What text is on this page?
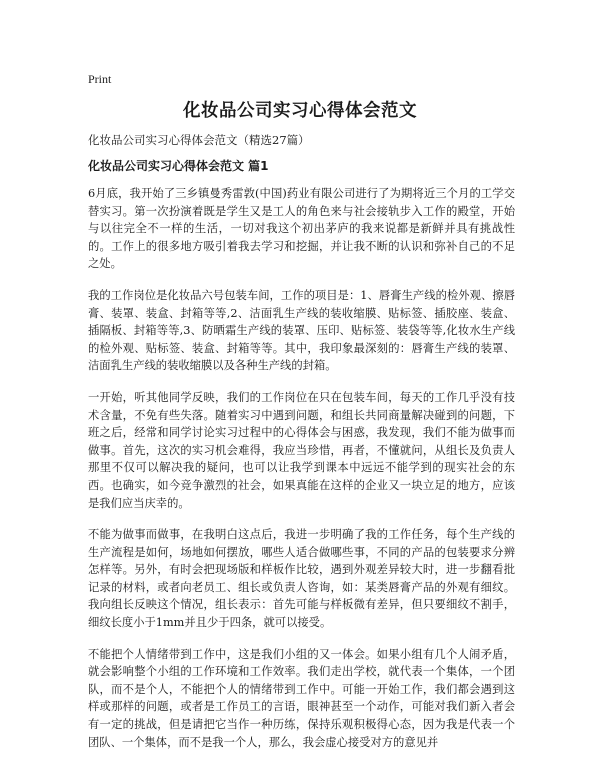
Print
化妆品公司实习心得体会范文
化妆品公司实习心得体会范文（精选27篇）
化妆品公司实习心得体会范文 篇1

6月底，我开始了三乡镇曼秀雷敦(中国)药业有限公司进行了为期将近三个月的工学交替实习。第一次扮演着既是学生又是工人的角色来与社会接轨步入工作的殿堂，开始与以往完全不一样的生活，一切对我这个初出茅庐的我来说都是新鲜并具有挑战性的。工作上的很多地方吸引着我去学习和挖掘，并让我不断的认识和弥补自己的不足之处。

我的工作岗位是化妆品六号包装车间，工作的项目是：1、唇膏生产线的检外观、擦唇膏、装罩、装盒、封箱等等,2、洁面乳生产线的装收缩膜、贴标签、插胶座、装盒、插隔板、封箱等等,3、防晒霜生产线的装罩、压印、贴标签、装袋等等,化妆水生产线的检外观、贴标签、装盒、封箱等等。其中，我印象最深刻的：唇膏生产线的装罩、洁面乳生产线的装收缩膜以及各种生产线的封箱。

一开始，听其他同学反映，我们的工作岗位在只在包装车间，每天的工作几乎没有技术含量，不免有些失落。随着实习中遇到问题，和组长共同商量解决碰到的问题，下班之后，经常和同学讨论实习过程中的心得体会与困惑，我发现，我们不能为做事而做事。首先，这次的实习机会难得，我应当珍惜，再者，不懂就问，从组长及负责人那里不仅可以解决我的疑问，也可以让我学到课本中远远不能学到的现实社会的东西。也确实，如今竞争激烈的社会，如果真能在这样的企业又一块立足的地方，应该是我们应当庆幸的。

不能为做事而做事，在我明白这点后，我进一步明确了我的工作任务，每个生产线的生产流程是如何，场地如何摆放，哪些人适合做哪些事，不同的产品的包装要求分辨怎样等。另外，有时会把现场版和样板作比较，遇到外观差异较大时，进一步翻看批记录的材料，或者向老员工、组长或负责人咨询，如：某类唇膏产品的外观有细纹。我向组长反映这个情况，组长表示：首先可能与样板微有差异，但只要细纹不割手，细纹长度小于1mm并且少于四条，就可以接受。

不能把个人情绪带到工作中，这是我们小组的又一体会。如果小组有几个人闹矛盾，就会影响整个小组的工作环境和工作效率。我们走出学校，就代表一个集体，一个团队，而不是个人，不能把个人的情绪带到工作中。可能一开始工作，我们都会遇到这样或那样的问题，或者是工作员工的言语，眼神甚至一个动作，可能对我们新入者会有一定的挑战，但是请把它当作一种历练，保持乐观积极得心态，因为我是代表一个团队、一个集体，而不是我一个人，那么，我会虚心接受对方的意见并
